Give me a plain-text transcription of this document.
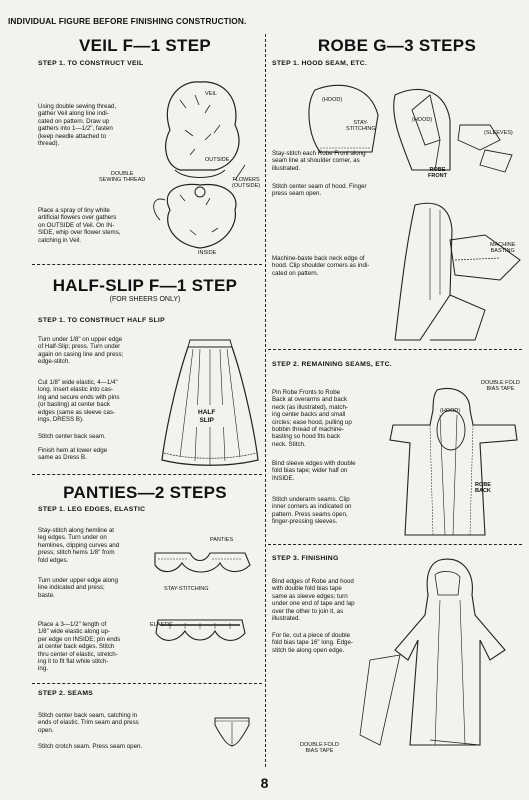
INDIVIDUAL FIGURE BEFORE FINISHING CONSTRUCTION.
VEIL F—1 STEP
STEP 1. TO CONSTRUCT VEIL
Using double sewing thread,
gather Veil along line indi-
cated on pattern. Draw up
gathers into 1—1/2", fasten
(keep needle attached to
thread).
Place a spray of tiny white
artificial flowers over gathers
on OUTSIDE of Veil. On IN-
SIDE, whip over flower stems,
catching in Veil.
VEIL
OUTSIDE
DOUBLE
SEWING THREAD	FLOWERS
(OUTSIDE)
INSIDE
HALF-SLIP F—1 STEP
(FOR SHEERS ONLY)
STEP 1. TO CONSTRUCT HALF SLIP
Turn under 1/8" on upper edge
of Half-Slip; press. Turn under
again on casing line and press;
edge-stitch.
Cut 1/8" wide elastic, 4—1/4"
long. Insert elastic into cas-
ing and secure ends with pins
(or basting) at center back
edges (same as sleeve cas-
ings, DRESS B).
Stitch center back seam.
Finish hem at lower edge
same as Dress B.
HALF
SLIP
PANTIES—2 STEPS
STEP 1. LEG EDGES, ELASTIC
Stay-stitch along hemline at
leg edges. Turn under on
hemlines, clipping curves and
press; stitch hems 1/8" from
fold edges.
Turn under upper edge along
line indicated and press;
baste.
Place a 3—1/2" length of
1/8" wide elastic along up-
per edge on INSIDE; pin ends
at center back edges. Stitch
thru center of elastic, stretch-
ing it to fit flat while stitch-
ing.
PANTIES
STAY-STITCHING
ELASTIC
STEP 2. SEAMS
Stitch center back seam, catching in
ends of elastic. Trim seam and press
open.
Stitch crotch seam. Press seam open.
ROBE G—3 STEPS
STEP 1. HOOD SEAM, ETC.
(HOOD)
STAY-
STITCHING
(HOOD)
(SLEEVES)
ROBE
FRONT
Stay-stitch each Robe Front along
seam line at shoulder corner, as
illustrated.
Stitch center seam of hood. Finger
press seam open.
Machine-baste back neck edge of
hood. Clip shoulder corners as indi-
cated on pattern.
MACHINE
BASTING
STEP 2. REMAINING SEAMS, ETC.
Pin Robe Fronts to Robe
Back at overarms and back
neck (as illustrated), match-
ing center backs and small
circles; ease hood, pulling up
bobbin thread of machine-
basting so hood fits back
neck. Stitch.
Bind sleeve edges with double
fold bias tape; wider half on
INSIDE.
Stitch underarm seams. Clip
inner corners as indicated on
pattern. Press seams open,
finger-pressing sleeves.
DOUBLE FOLD
BIAS TAPE
(HOOD)
ROBE
BACK
STEP 3. FINISHING
Bind edges of Robe and hood
with double fold bias tape
same as sleeve edges; turn
under one end of tape and lap
over the other to join it, as
illustrated.
For tie, cut a piece of double
fold bias tape 16" long. Edge-
stitch tie along open edge.
DOUBLE FOLD
BIAS TAPE
8
